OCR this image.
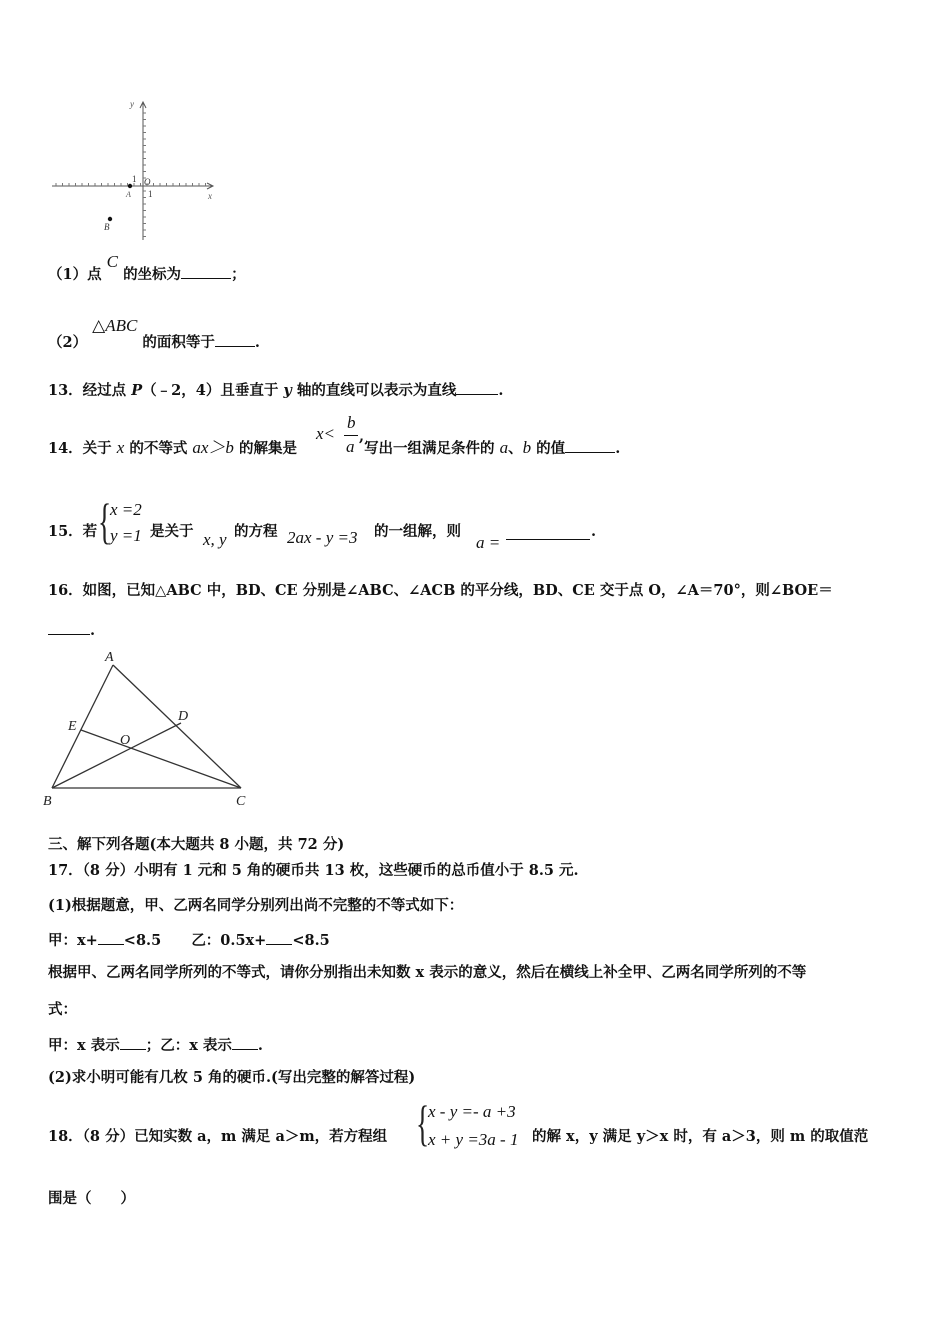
y
x
1 O
A 1
B
（1）点 C 的坐标为	；
（2） △ABC 的面积等于	.
13．经过点 P（﹣2，4）且垂直于 y 轴的直线可以表示为直线	.
14．关于 x 的不等式 ax＞b 的解集是
x<
b
a
,写出一组满足条件的 a、b 的值	.
15．若 {
x =2
y =1 是关于 x, y 的方程 2ax - y =3 的一组解，则
a =
.
16．如图，已知△ABC 中，BD、CE 分别是∠ABC、∠ACB 的平分线，BD、CE 交于点 O，∠A＝70°，则∠BOE＝
.
A
B	C
D
E
O
三、解下列各题(本大题共 8 小题，共 72 分)
17．（8 分）小明有 1 元和 5 角的硬币共 13 枚，这些硬币的总币值小于 8.5 元.
(1)根据题意，甲、乙两名同学分别列出尚不完整的不等式如下：
甲：x+ <8.5 乙：0.5x+ <8.5
根据甲、乙两名同学所列的不等式，请你分别指出未知数 x 表示的意义，然后在横线上补全甲、乙两名同学所列的不等
式：
甲：x 表示 ；乙：x 表示 .
(2)求小明可能有几枚 5 角的硬币.(写出完整的解答过程)
18．（8 分）已知实数 a，m 满足 a＞m，若方程组 {
x - y =- a +3
x + y =3a - 1 的解 x，y 满足 y＞x 时，有 a＞3，则 m 的取值范
围是（　　）
